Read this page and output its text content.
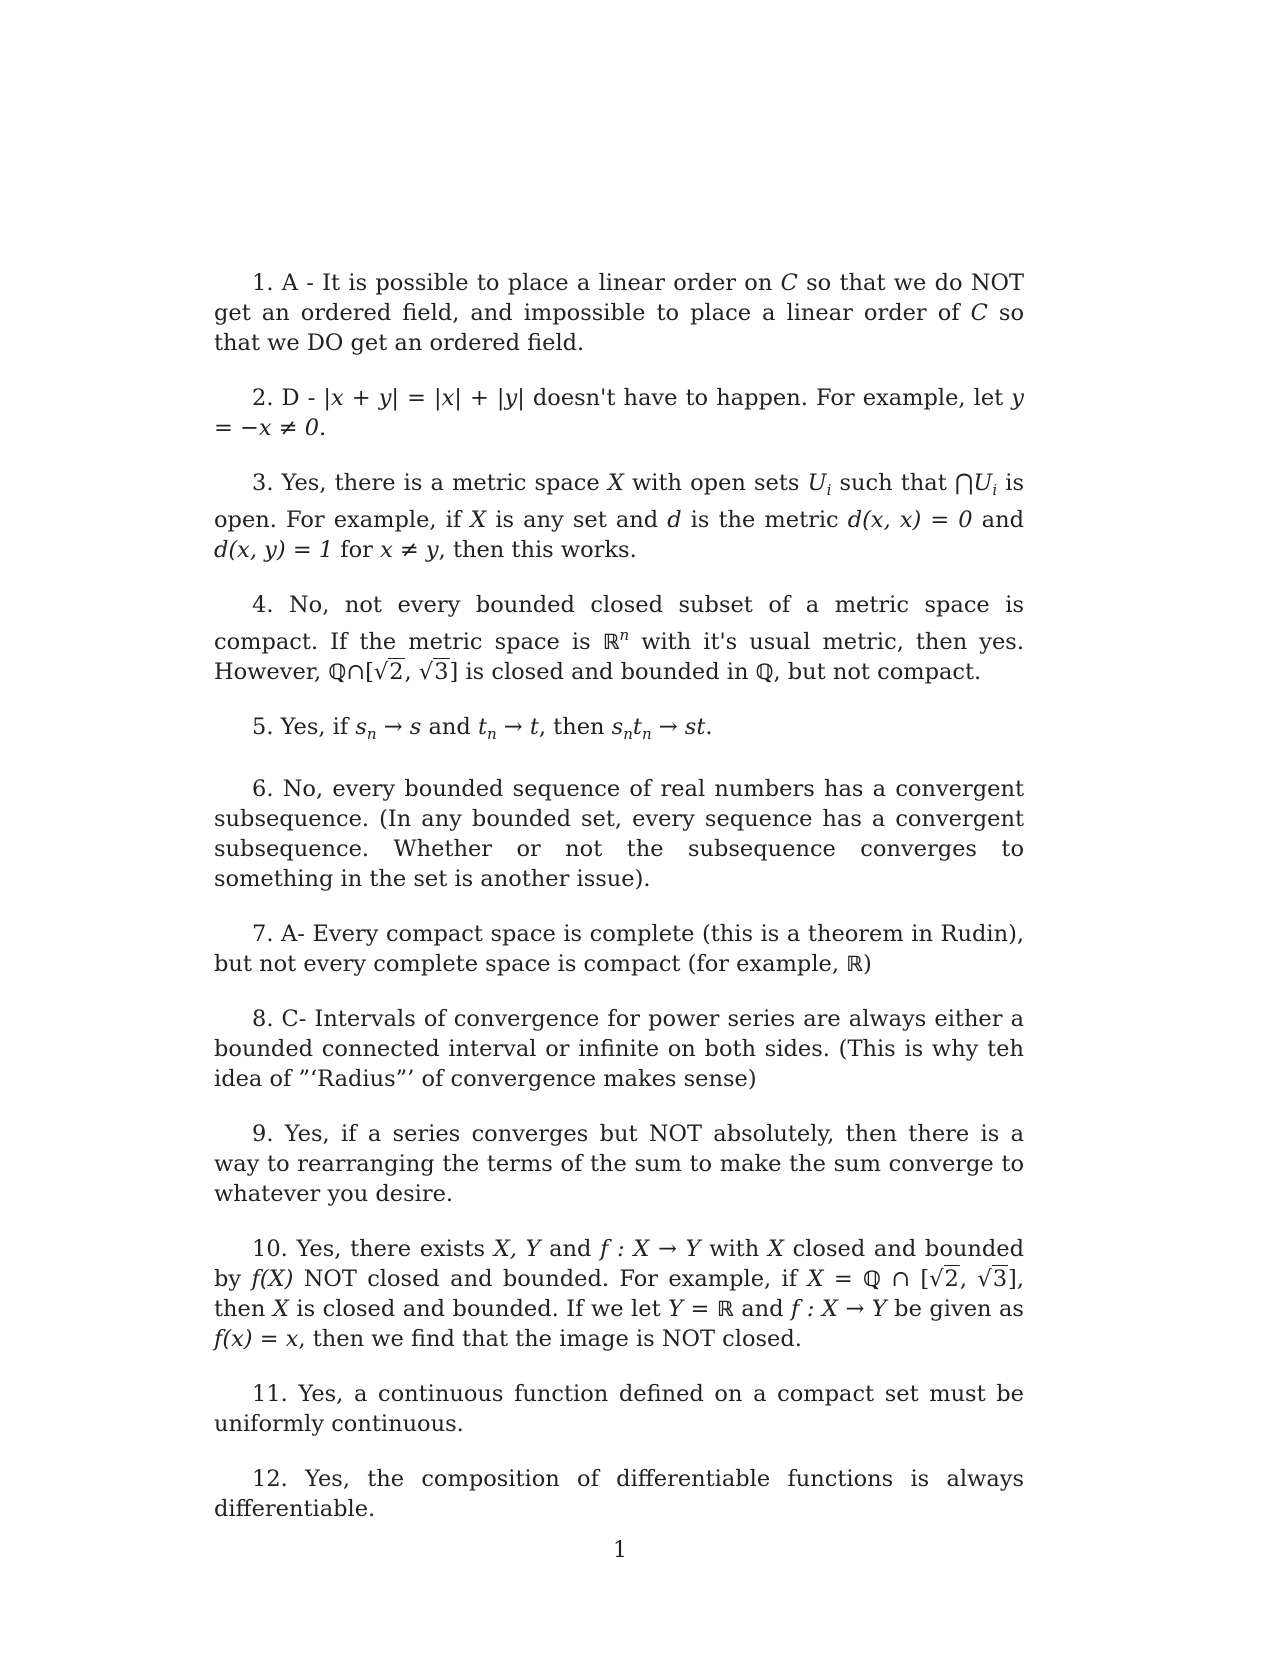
1. A - It is possible to place a linear order on C so that we do NOT get an ordered field, and impossible to place a linear order of C so that we DO get an ordered field.

2. D - |x + y| = |x| + |y| doesn't have to happen. For example, let y = −x ≠ 0.

3. Yes, there is a metric space X with open sets $U_i$ such that $⋂U_i$ is open. For example, if X is any set and d is the metric d(x, x) = 0 and d(x, y) = 1 for x ≠ y, then this works.

4. No, not every bounded closed subset of a metric space is compact. If the metric space is ℝ$^n$ with it's usual metric, then yes. However, ℚ∩[√2, √3] is closed and bounded in ℚ, but not compact.

5. Yes, if $s_n \to s$ and $t_n \to t$, then $s_nt_n$ → st.

6. No, every bounded sequence of real numbers has a convergent subsequence. (In any bounded set, every sequence has a convergent subsequence. Whether or not the subsequence converges to something in the set is another issue).

7. A- Every compact space is complete (this is a theorem in Rudin), but not every complete space is compact (for example, ℝ)

8. C- Intervals of convergence for power series are always either a bounded connected interval or infinite on both sides. (This is why teh idea of ”‘Radius”’ of convergence makes sense)

9. Yes, if a series converges but NOT absolutely, then there is a way to rearranging the terms of the sum to make the sum converge to whatever you desire.

10. Yes, there exists X, Y and f : X → Y with X closed and bounded by f(X) NOT closed and bounded. For example, if X = ℚ ∩ [√2, √3], then X is closed and bounded. If we let Y = ℝ and f : X → Y be given as f(x) = x, then we find that the image is NOT closed.

11. Yes, a continuous function defined on a compact set must be uniformly continuous.

12. Yes, the composition of differentiable functions is always differentiable.

1
